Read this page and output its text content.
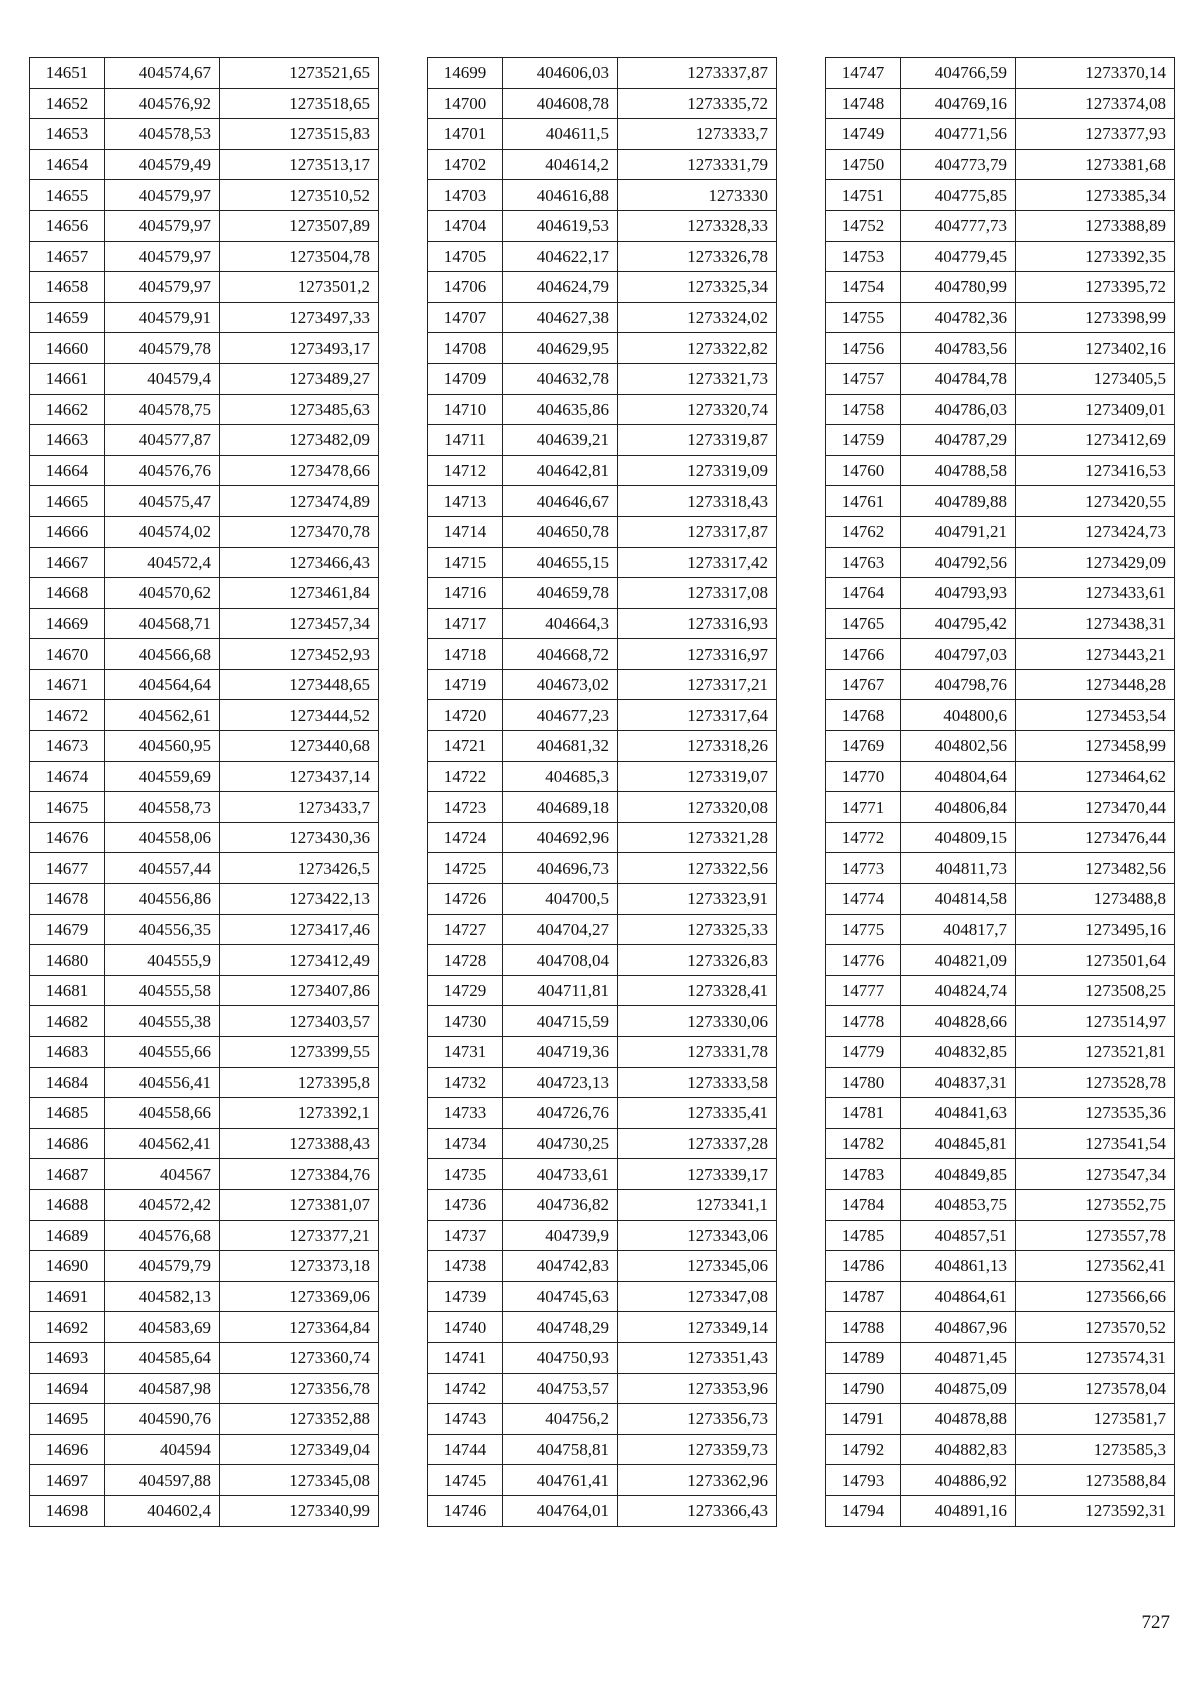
14651	404574,67	1273521,65
14652	404576,92	1273518,65
14653	404578,53	1273515,83
14654	404579,49	1273513,17
14655	404579,97	1273510,52
14656	404579,97	1273507,89
14657	404579,97	1273504,78
14658	404579,97	1273501,2
14659	404579,91	1273497,33
14660	404579,78	1273493,17
14661	404579,4	1273489,27
14662	404578,75	1273485,63
14663	404577,87	1273482,09
14664	404576,76	1273478,66
14665	404575,47	1273474,89
14666	404574,02	1273470,78
14667	404572,4	1273466,43
14668	404570,62	1273461,84
14669	404568,71	1273457,34
14670	404566,68	1273452,93
14671	404564,64	1273448,65
14672	404562,61	1273444,52
14673	404560,95	1273440,68
14674	404559,69	1273437,14
14675	404558,73	1273433,7
14676	404558,06	1273430,36
14677	404557,44	1273426,5
14678	404556,86	1273422,13
14679	404556,35	1273417,46
14680	404555,9	1273412,49
14681	404555,58	1273407,86
14682	404555,38	1273403,57
14683	404555,66	1273399,55
14684	404556,41	1273395,8
14685	404558,66	1273392,1
14686	404562,41	1273388,43
14687	404567	1273384,76
14688	404572,42	1273381,07
14689	404576,68	1273377,21
14690	404579,79	1273373,18
14691	404582,13	1273369,06
14692	404583,69	1273364,84
14693	404585,64	1273360,74
14694	404587,98	1273356,78
14695	404590,76	1273352,88
14696	404594	1273349,04
14697	404597,88	1273345,08
14698	404602,4	1273340,99
14699	404606,03	1273337,87
14700	404608,78	1273335,72
14701	404611,5	1273333,7
14702	404614,2	1273331,79
14703	404616,88	1273330
14704	404619,53	1273328,33
14705	404622,17	1273326,78
14706	404624,79	1273325,34
14707	404627,38	1273324,02
14708	404629,95	1273322,82
14709	404632,78	1273321,73
14710	404635,86	1273320,74
14711	404639,21	1273319,87
14712	404642,81	1273319,09
14713	404646,67	1273318,43
14714	404650,78	1273317,87
14715	404655,15	1273317,42
14716	404659,78	1273317,08
14717	404664,3	1273316,93
14718	404668,72	1273316,97
14719	404673,02	1273317,21
14720	404677,23	1273317,64
14721	404681,32	1273318,26
14722	404685,3	1273319,07
14723	404689,18	1273320,08
14724	404692,96	1273321,28
14725	404696,73	1273322,56
14726	404700,5	1273323,91
14727	404704,27	1273325,33
14728	404708,04	1273326,83
14729	404711,81	1273328,41
14730	404715,59	1273330,06
14731	404719,36	1273331,78
14732	404723,13	1273333,58
14733	404726,76	1273335,41
14734	404730,25	1273337,28
14735	404733,61	1273339,17
14736	404736,82	1273341,1
14737	404739,9	1273343,06
14738	404742,83	1273345,06
14739	404745,63	1273347,08
14740	404748,29	1273349,14
14741	404750,93	1273351,43
14742	404753,57	1273353,96
14743	404756,2	1273356,73
14744	404758,81	1273359,73
14745	404761,41	1273362,96
14746	404764,01	1273366,43
14747	404766,59	1273370,14
14748	404769,16	1273374,08
14749	404771,56	1273377,93
14750	404773,79	1273381,68
14751	404775,85	1273385,34
14752	404777,73	1273388,89
14753	404779,45	1273392,35
14754	404780,99	1273395,72
14755	404782,36	1273398,99
14756	404783,56	1273402,16
14757	404784,78	1273405,5
14758	404786,03	1273409,01
14759	404787,29	1273412,69
14760	404788,58	1273416,53
14761	404789,88	1273420,55
14762	404791,21	1273424,73
14763	404792,56	1273429,09
14764	404793,93	1273433,61
14765	404795,42	1273438,31
14766	404797,03	1273443,21
14767	404798,76	1273448,28
14768	404800,6	1273453,54
14769	404802,56	1273458,99
14770	404804,64	1273464,62
14771	404806,84	1273470,44
14772	404809,15	1273476,44
14773	404811,73	1273482,56
14774	404814,58	1273488,8
14775	404817,7	1273495,16
14776	404821,09	1273501,64
14777	404824,74	1273508,25
14778	404828,66	1273514,97
14779	404832,85	1273521,81
14780	404837,31	1273528,78
14781	404841,63	1273535,36
14782	404845,81	1273541,54
14783	404849,85	1273547,34
14784	404853,75	1273552,75
14785	404857,51	1273557,78
14786	404861,13	1273562,41
14787	404864,61	1273566,66
14788	404867,96	1273570,52
14789	404871,45	1273574,31
14790	404875,09	1273578,04
14791	404878,88	1273581,7
14792	404882,83	1273585,3
14793	404886,92	1273588,84
14794	404891,16	1273592,31
727
